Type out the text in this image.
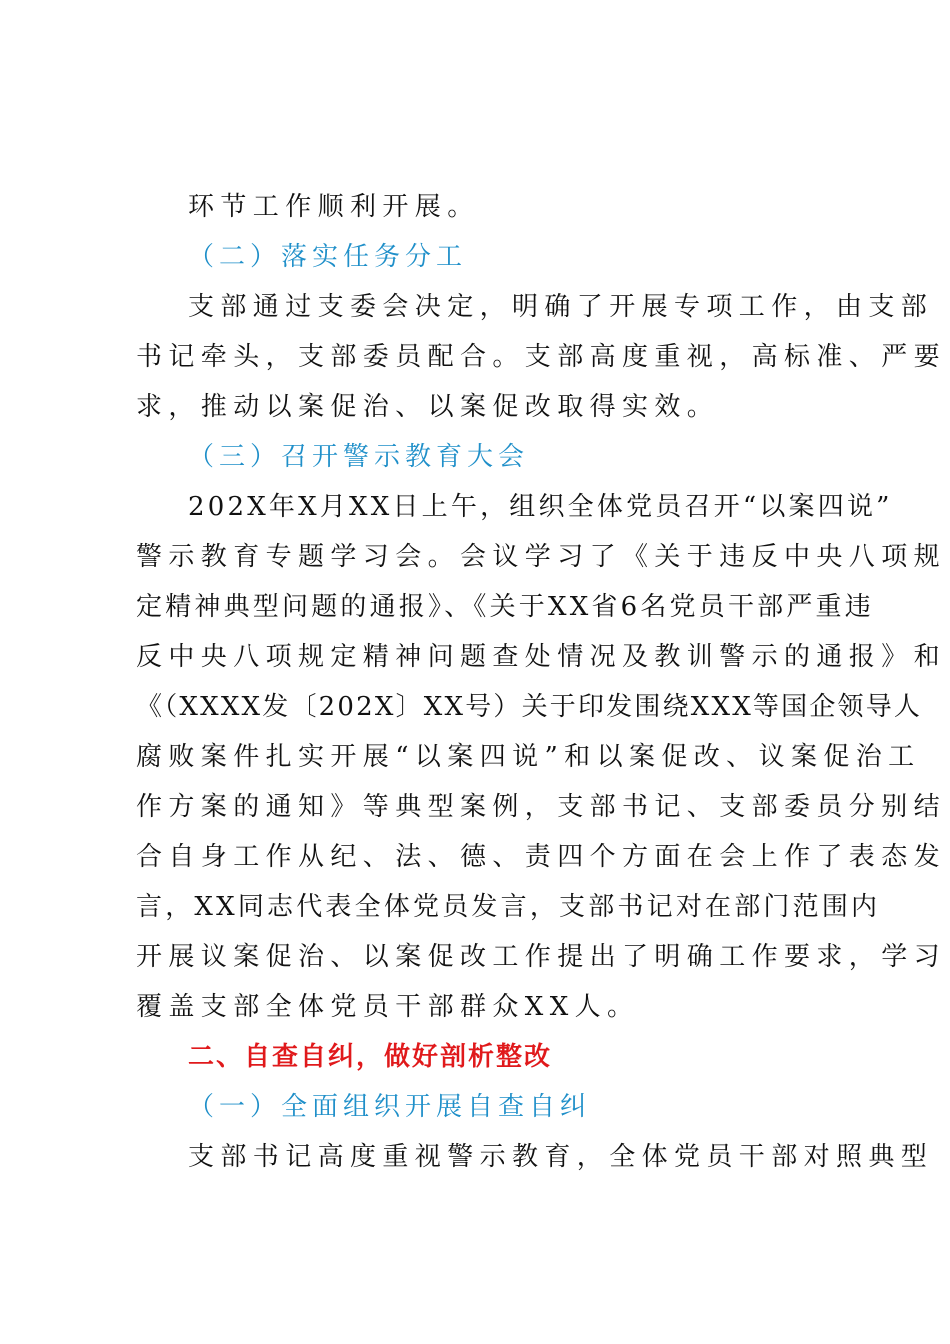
环节工作顺利开展。
（二）落实任务分工
支部通过支委会决定，明确了开展专项工作，由支部
书记牵头，支部委员配合。支部高度重视，高标准、严要
求，推动以案促治、以案促改取得实效。
（三）召开警示教育大会
202X年X月XX日上午，组织全体党员召开“以案四说”
警示教育专题学习会。会议学习了《关于违反中央八项规
定精神典型问题的通报》、《关于XX省6名党员干部严重违
反中央八项规定精神问题查处情况及教训警示的通报》和
《（XXXX发〔202X〕XX号）关于印发围绕XXX等国企领导人
腐败案件扎实开展“以案四说”和以案促改、议案促治工
作方案的通知》等典型案例，支部书记、支部委员分别结
合自身工作从纪、法、德、责四个方面在会上作了表态发
言，XX同志代表全体党员发言，支部书记对在部门范围内
开展议案促治、以案促改工作提出了明确工作要求，学习
覆盖支部全体党员干部群众XX人。
二、自查自纠，做好剖析整改
（一）全面组织开展自查自纠
支部书记高度重视警示教育，全体党员干部对照典型
